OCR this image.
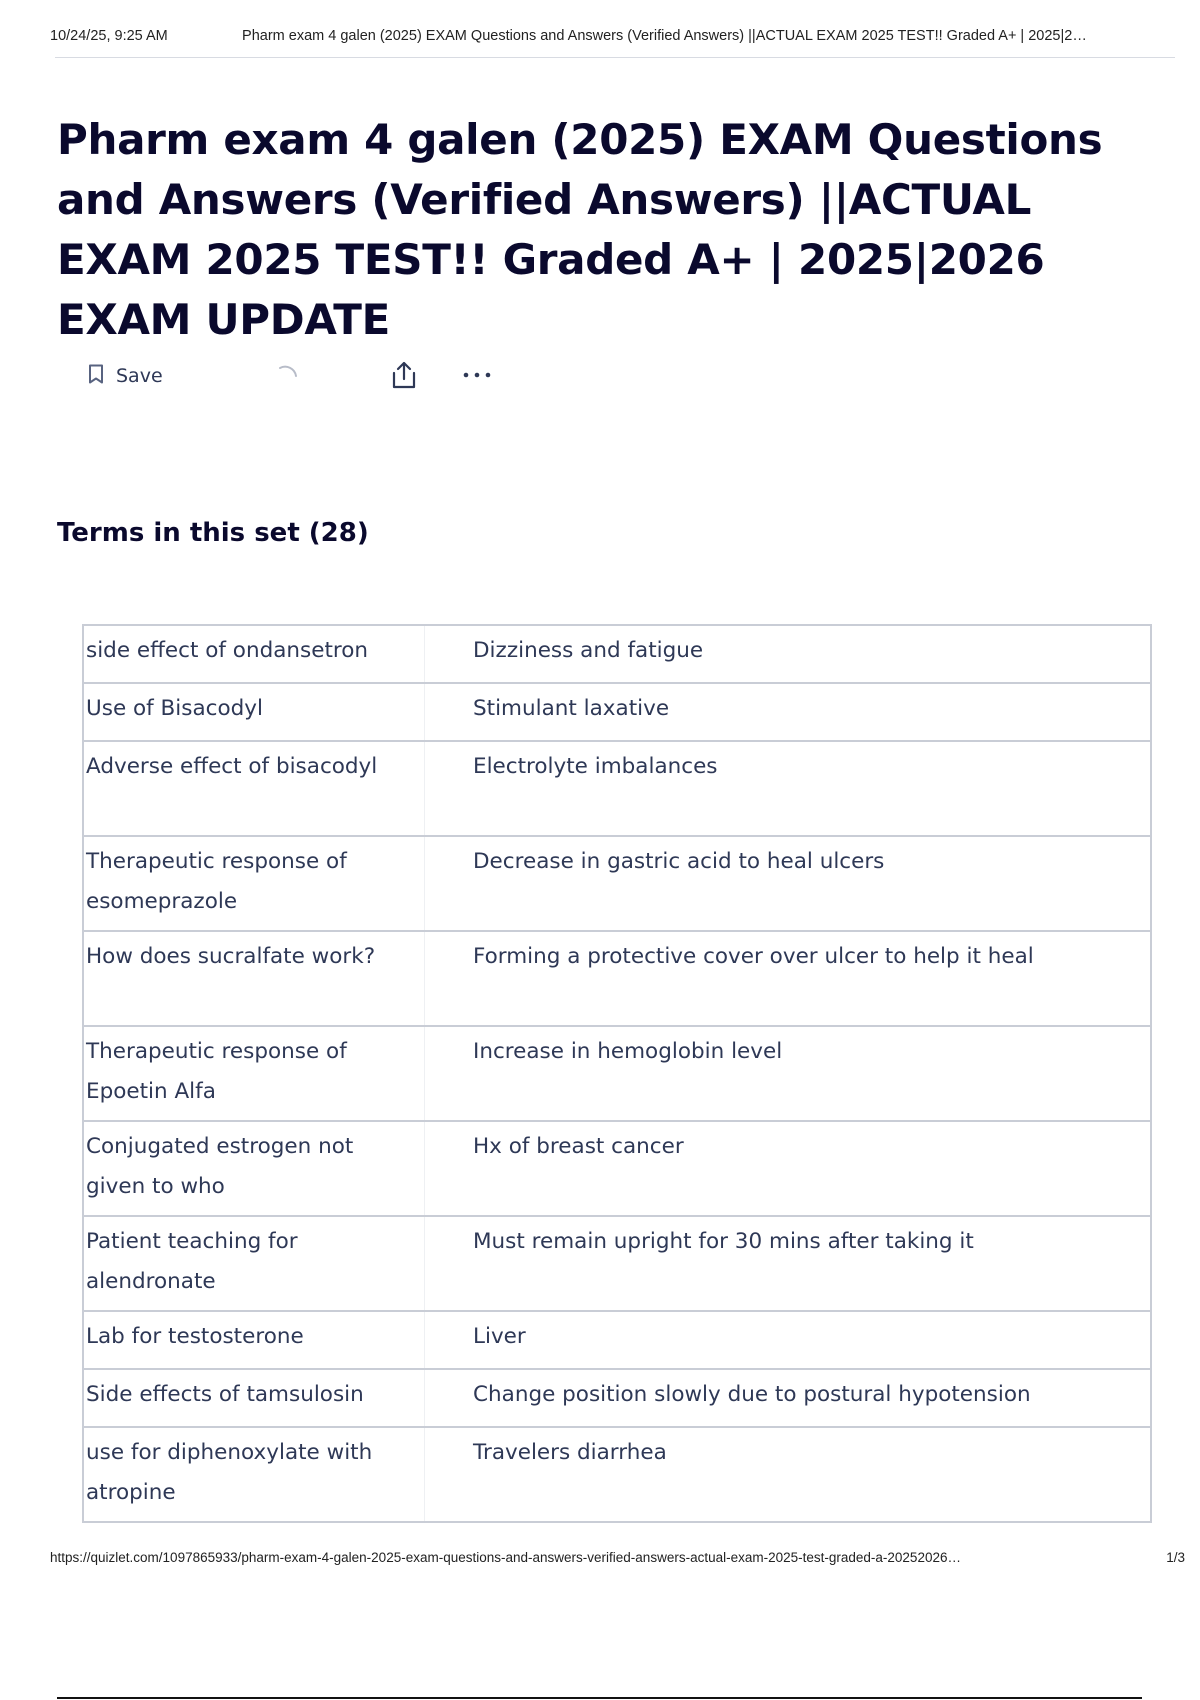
10/24/25, 9:25 AM	Pharm exam 4 galen (2025) EXAM Questions and Answers (Verified Answers) ||ACTUAL EXAM 2025 TEST!! Graded A+ | 2025|2…
Pharm exam 4 galen (2025) EXAM Questions and Answers (Verified Answers) ||ACTUAL EXAM 2025 TEST!! Graded A+ | 2025|2026 EXAM UPDATE
Save
Terms in this set (28)
side effect of ondansetron	Dizziness and fatigue
Use of Bisacodyl	Stimulant laxative
Adverse effect of bisacodyl	Electrolyte imbalances
Therapeutic response of esomeprazole	Decrease in gastric acid to heal ulcers
How does sucralfate work?	Forming a protective cover over ulcer to help it heal
Therapeutic response of Epoetin Alfa	Increase in hemoglobin level
Conjugated estrogen not given to who	Hx of breast cancer
Patient teaching for alendronate	Must remain upright for 30 mins after taking it
Lab for testosterone	Liver
Side effects of tamsulosin	Change position slowly due to postural hypotension
use for diphenoxylate with atropine	Travelers diarrhea
https://quizlet.com/1097865933/pharm-exam-4-galen-2025-exam-questions-and-answers-verified-answers-actual-exam-2025-test-graded-a-20252026…	1/3
